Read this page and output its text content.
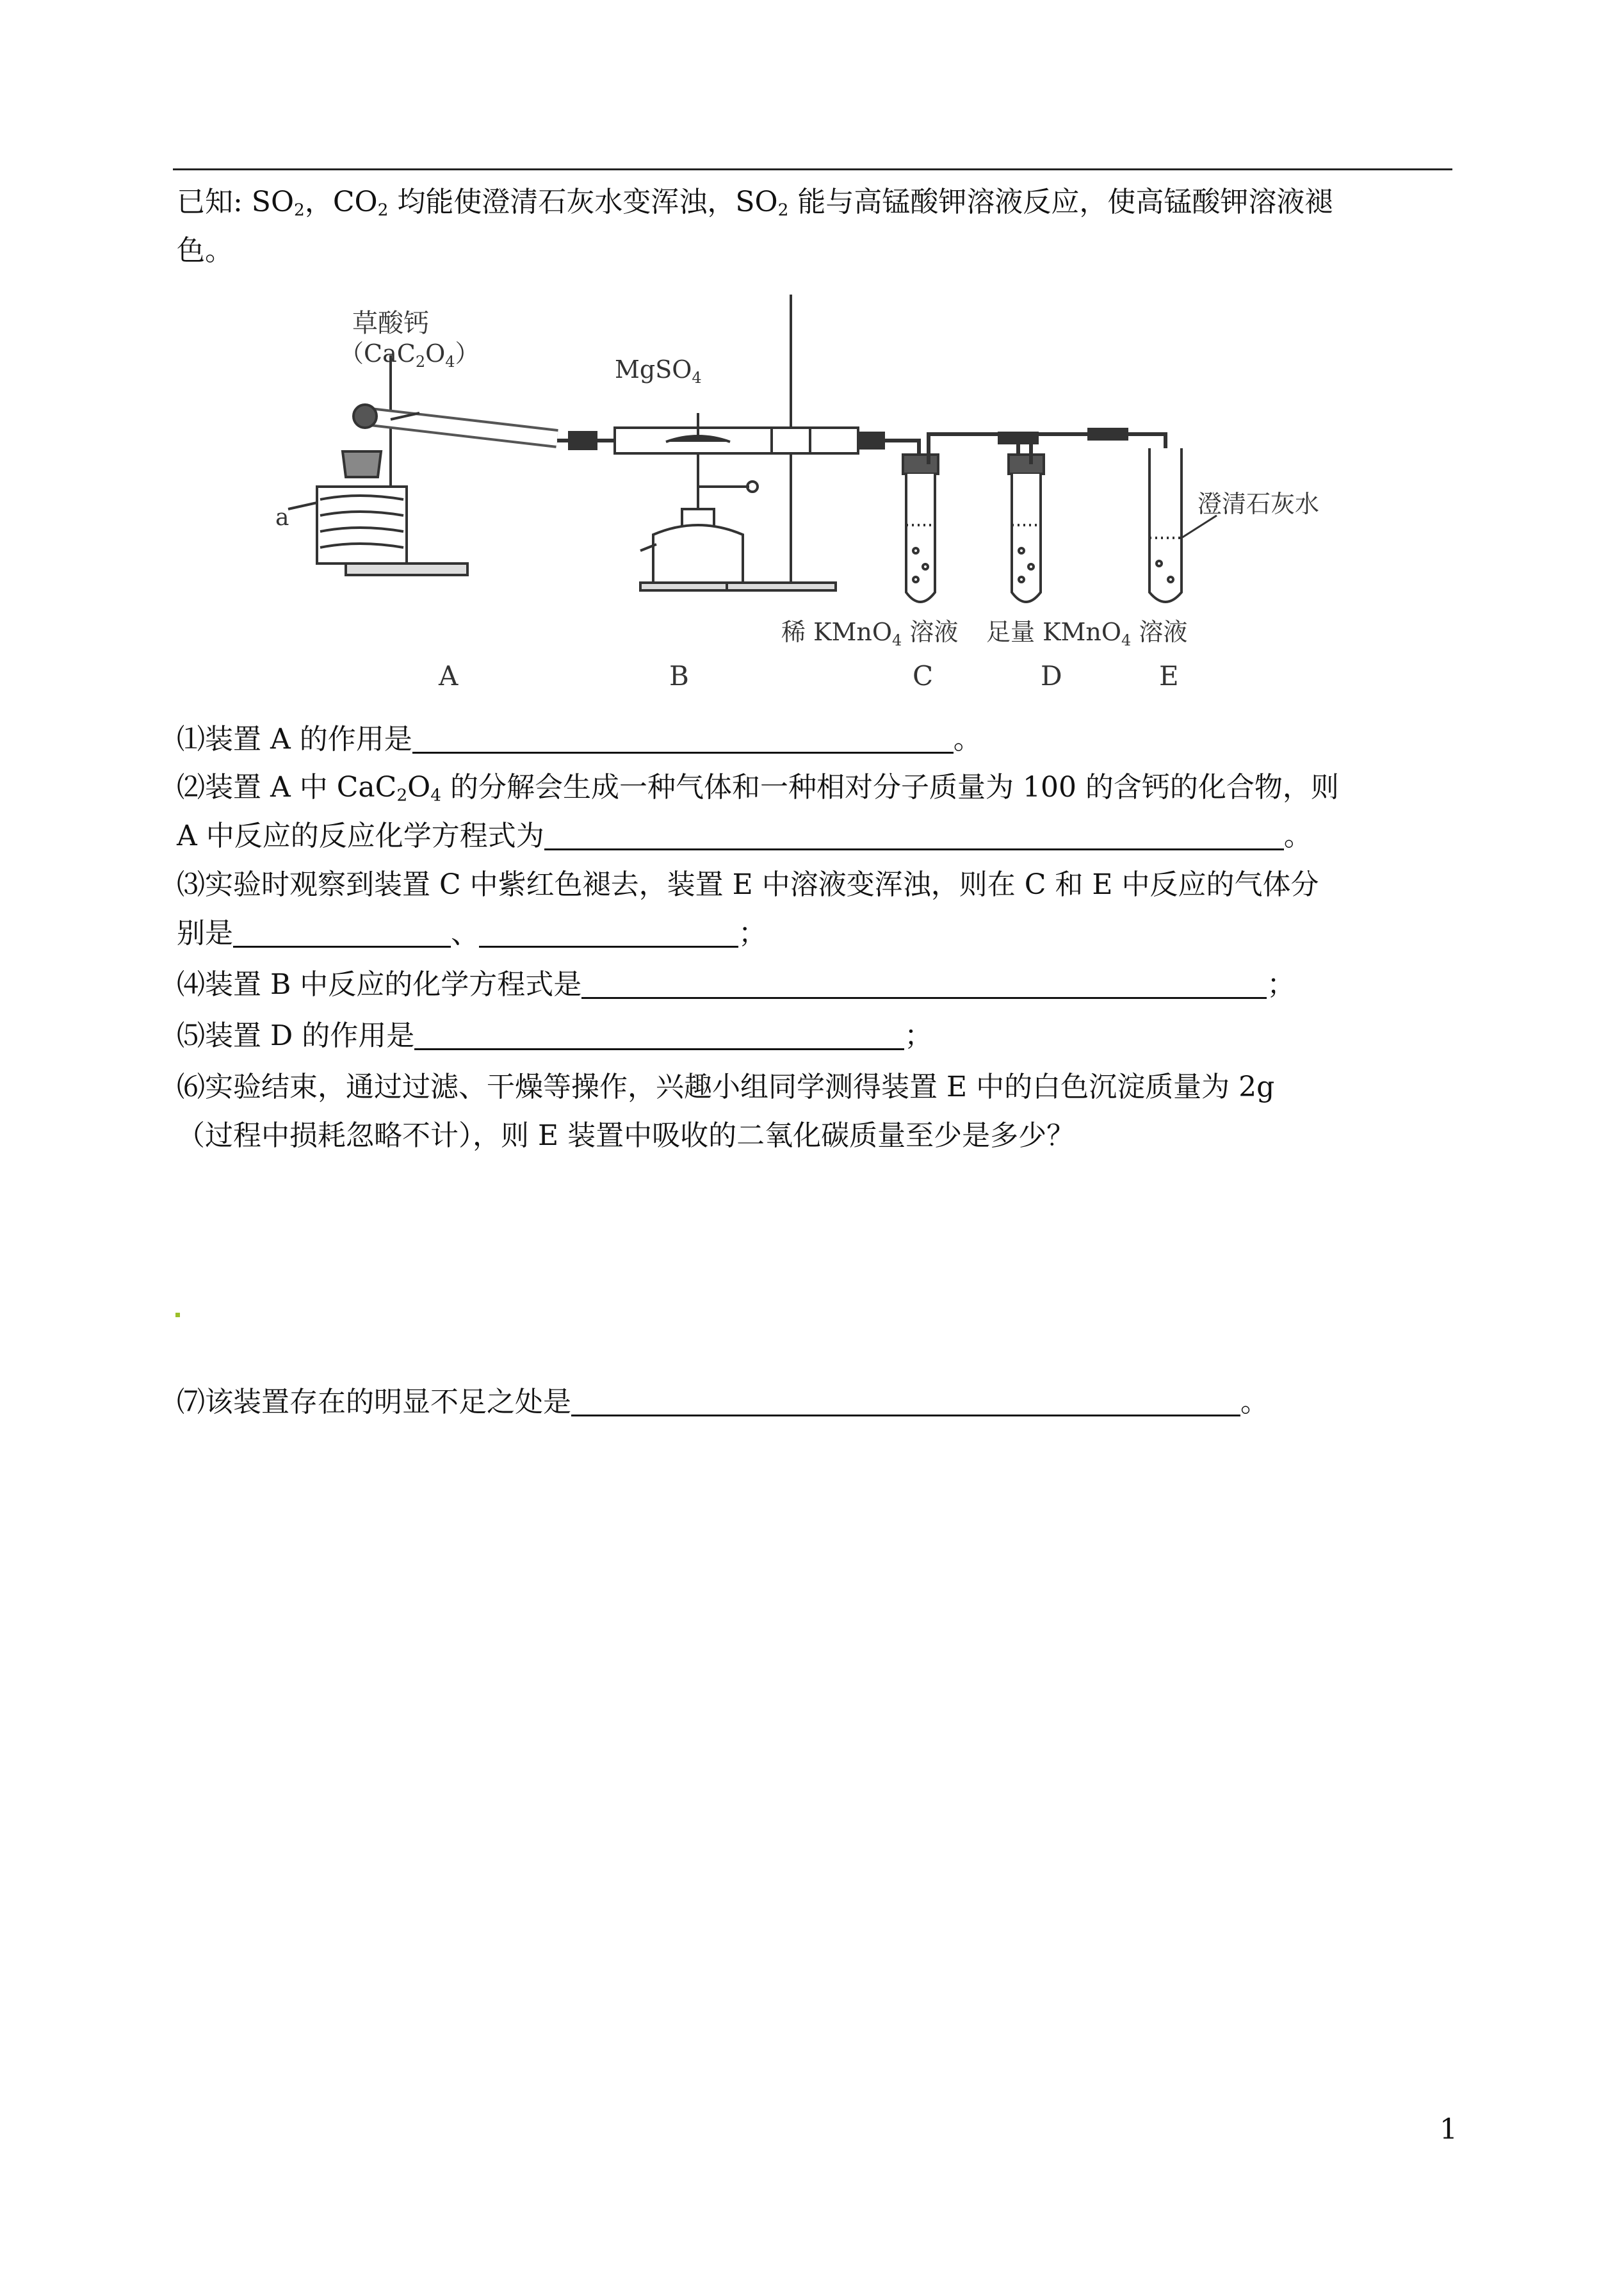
已知: $SO_2$，$CO_2$ 均能使澄清石灰水变浑浊，$SO_2$ 能与高锰酸钾溶液反应，使高锰酸钾溶液褪
色。
草酸钙
$(CaC_2O_4)$
MgSO$_4$
a	澄清石灰水
稀 KMnO$_4$ 溶液 足量 KMnO$_4$ 溶液
A	B	C	D	E
⑴装置 A 的作用是	。
⑵装置 A 中 $CaC_2O_4$ 的分解会生成一种气体和一种相对分子质量为 100 的含钙的化合物，则
A 中反应的反应化学方程式为	。
⑶实验时观察到装置 C 中紫红色褪去，装置 E 中溶液变浑浊，则在 C 和 E 中反应的气体分
别是	、	；
⑷装置 B 中反应的化学方程式是	；
⑸装置 D 的作用是	；
⑹实验结束，通过过滤、干燥等操作，兴趣小组同学测得装置 E 中的白色沉淀质量为 2g
（过程中损耗忽略不计），则 E 装置中吸收的二氧化碳质量至少是多少？
⑺该装置存在的明显不足之处是	。
1
